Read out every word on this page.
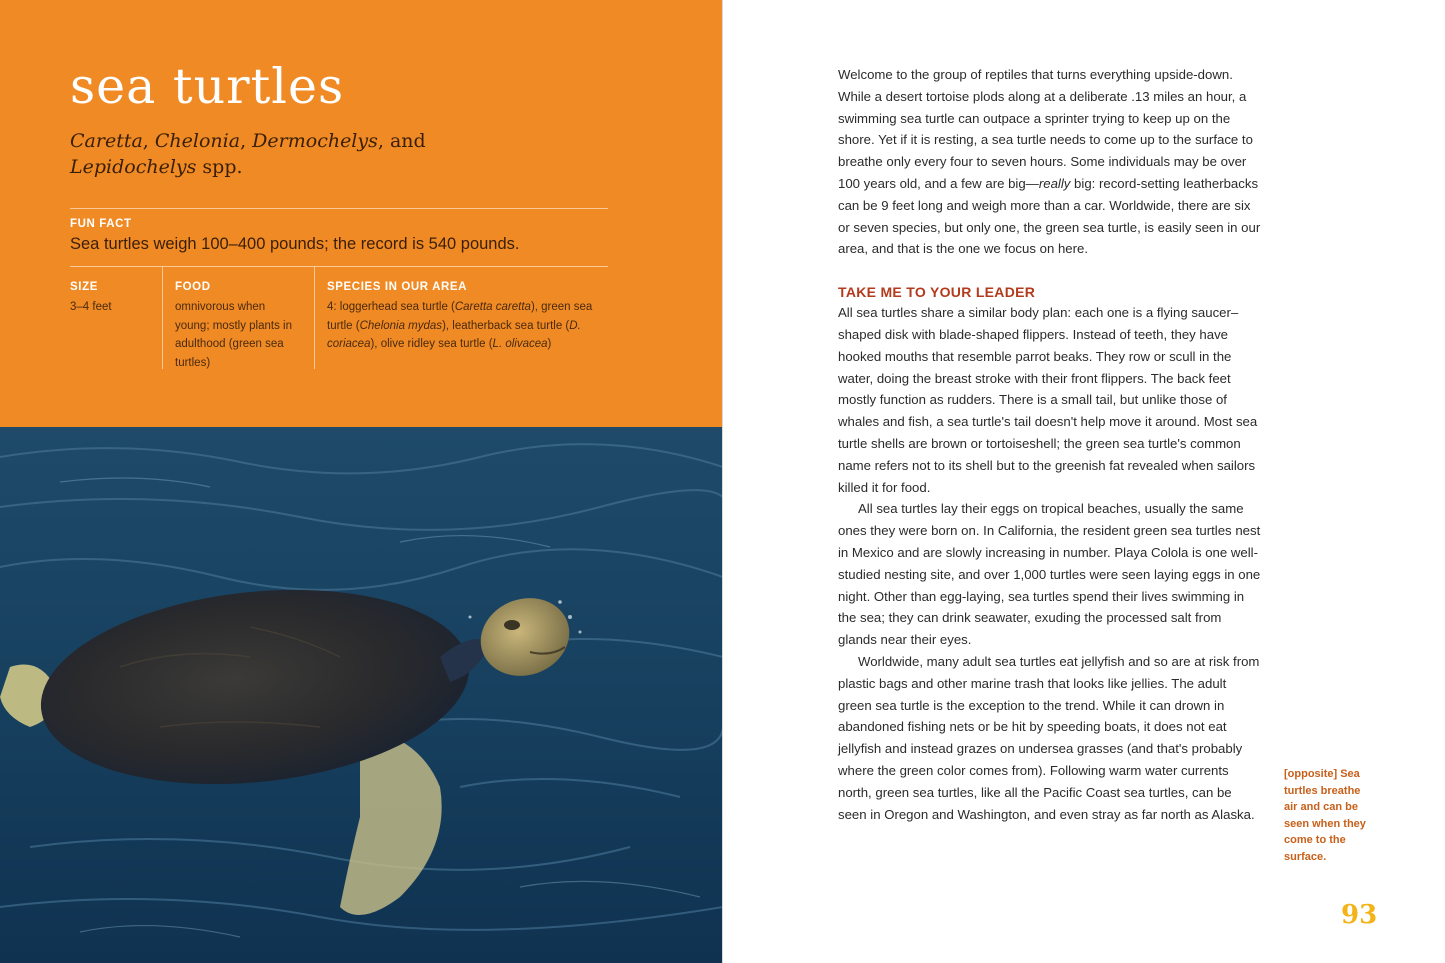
sea turtles
Caretta, Chelonia, Dermochelys, and
Lepidochelys spp.
FUN FACT
Sea turtles weigh 100–400 pounds; the record is 540 pounds.
SIZE
3–4 feet
FOOD
omnivorous when young; mostly plants in adulthood (green sea turtles)
SPECIES IN OUR AREA
4: loggerhead sea turtle (Caretta caretta), green sea turtle (Chelonia mydas), leatherback sea turtle (D. coriacea), olive ridley sea turtle (L. olivacea)

Welcome to the group of reptiles that turns everything upside-down. While a desert tortoise plods along at a deliberate .13 miles an hour, a swimming sea turtle can outpace a sprinter trying to keep up on the shore. Yet if it is resting, a sea turtle needs to come up to the surface to breathe only every four to seven hours. Some individuals may be over 100 years old, and a few are big—really big: record-setting leatherbacks can be 9 feet long and weigh more than a car. Worldwide, there are six or seven species, but only one, the green sea turtle, is easily seen in our area, and that is the one we focus on here.

TAKE ME TO YOUR LEADER

All sea turtles share a similar body plan: each one is a flying saucer–shaped disk with blade-shaped flippers. Instead of teeth, they have hooked mouths that resemble parrot beaks. They row or scull in the water, doing the breast stroke with their front flippers. The back feet mostly function as rudders. There is a small tail, but unlike those of whales and fish, a sea turtle's tail doesn't help move it around. Most sea turtle shells are brown or tortoiseshell; the green sea turtle's common name refers not to its shell but to the greenish fat revealed when sailors killed it for food.

All sea turtles lay their eggs on tropical beaches, usually the same ones they were born on. In California, the resident green sea turtles nest in Mexico and are slowly increasing in number. Playa Colola is one well-studied nesting site, and over 1,000 turtles were seen laying eggs in one night. Other than egg-laying, sea turtles spend their lives swimming in the sea; they can drink seawater, exuding the processed salt from glands near their eyes.

Worldwide, many adult sea turtles eat jellyfish and so are at risk from plastic bags and other marine trash that looks like jellies. The adult green sea turtle is the exception to the trend. While it can drown in abandoned fishing nets or be hit by speeding boats, it does not eat jellyfish and instead grazes on undersea grasses (and that's probably where the green color comes from). Following warm water currents north, green sea turtles, like all the Pacific Coast sea turtles, can be seen in Oregon and Washington, and even stray as far north as Alaska.

[opposite] Sea turtles breathe air and can be seen when they come to the surface.
93
